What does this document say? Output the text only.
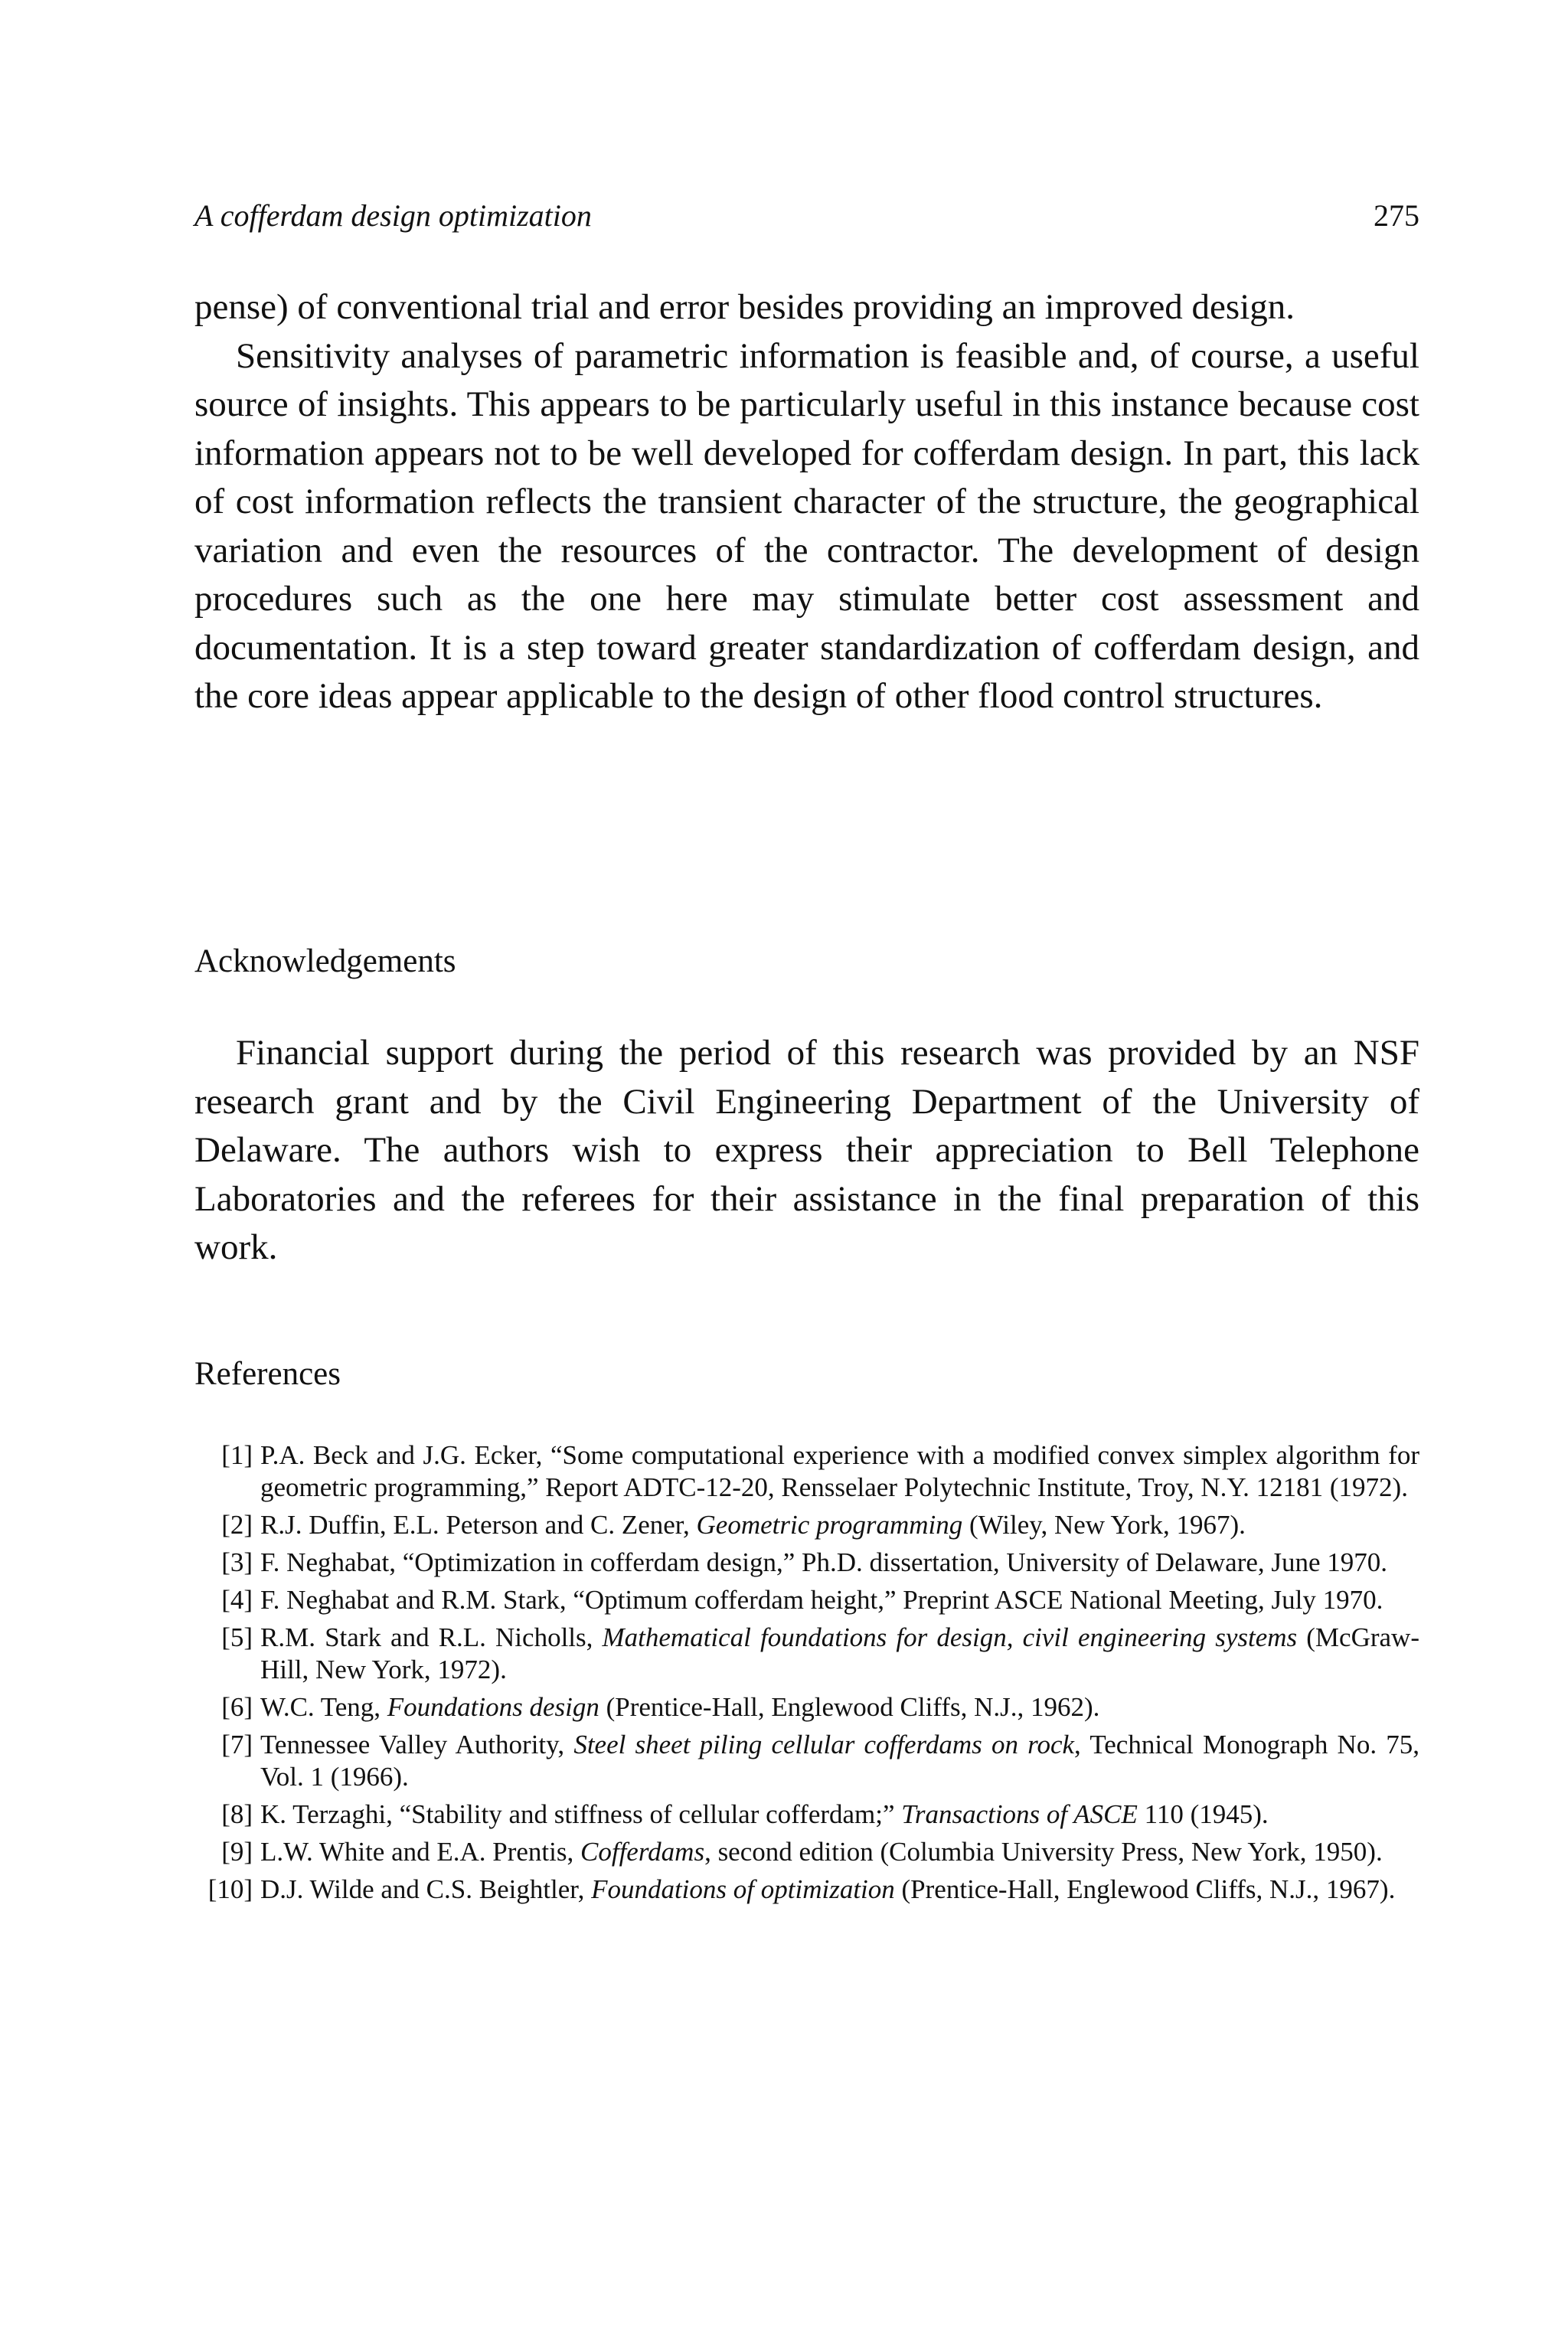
A cofferdam design optimization	275

pense) of conventional trial and error besides providing an improved design.

Sensitivity analyses of parametric information is feasible and, of course, a useful source of insights. This appears to be particularly useful in this instance because cost information appears not to be well developed for cofferdam design. In part, this lack of cost information reflects the transient character of the structure, the geographical variation and even the resources of the contractor. The development of design procedures such as the one here may stimulate better cost assessment and documentation. It is a step toward greater standardization of cofferdam design, and the core ideas appear applicable to the design of other flood control structures.

Acknowledgements

Financial support during the period of this research was provided by an NSF research grant and by the Civil Engineering Department of the University of Delaware. The authors wish to express their appreciation to Bell Telephone Laboratories and the referees for their assistance in the final preparation of this work.

References
[1] P.A. Beck and J.G. Ecker, “Some computational experience with a modified convex simplex algorithm for geometric programming,” Report ADTC-12-20, Rensselaer Polytechnic Institute, Troy, N.Y. 12181 (1972).
[2] R.J. Duffin, E.L. Peterson and C. Zener, Geometric programming (Wiley, New York, 1967).
[3] F. Neghabat, “Optimization in cofferdam design,” Ph.D. dissertation, University of Delaware, June 1970.
[4] F. Neghabat and R.M. Stark, “Optimum cofferdam height,” Preprint ASCE National Meeting, July 1970.
[5] R.M. Stark and R.L. Nicholls, Mathematical foundations for design, civil engineering systems (McGraw-Hill, New York, 1972).
[6] W.C. Teng, Foundations design (Prentice-Hall, Englewood Cliffs, N.J., 1962).
[7] Tennessee Valley Authority, Steel sheet piling cellular cofferdams on rock, Technical Monograph No. 75, Vol. 1 (1966).
[8] K. Terzaghi, “Stability and stiffness of cellular cofferdam;” Transactions of ASCE 110 (1945).
[9] L.W. White and E.A. Prentis, Cofferdams, second edition (Columbia University Press, New York, 1950).
[10] D.J. Wilde and C.S. Beightler, Foundations of optimization (Prentice-Hall, Englewood Cliffs, N.J., 1967).
